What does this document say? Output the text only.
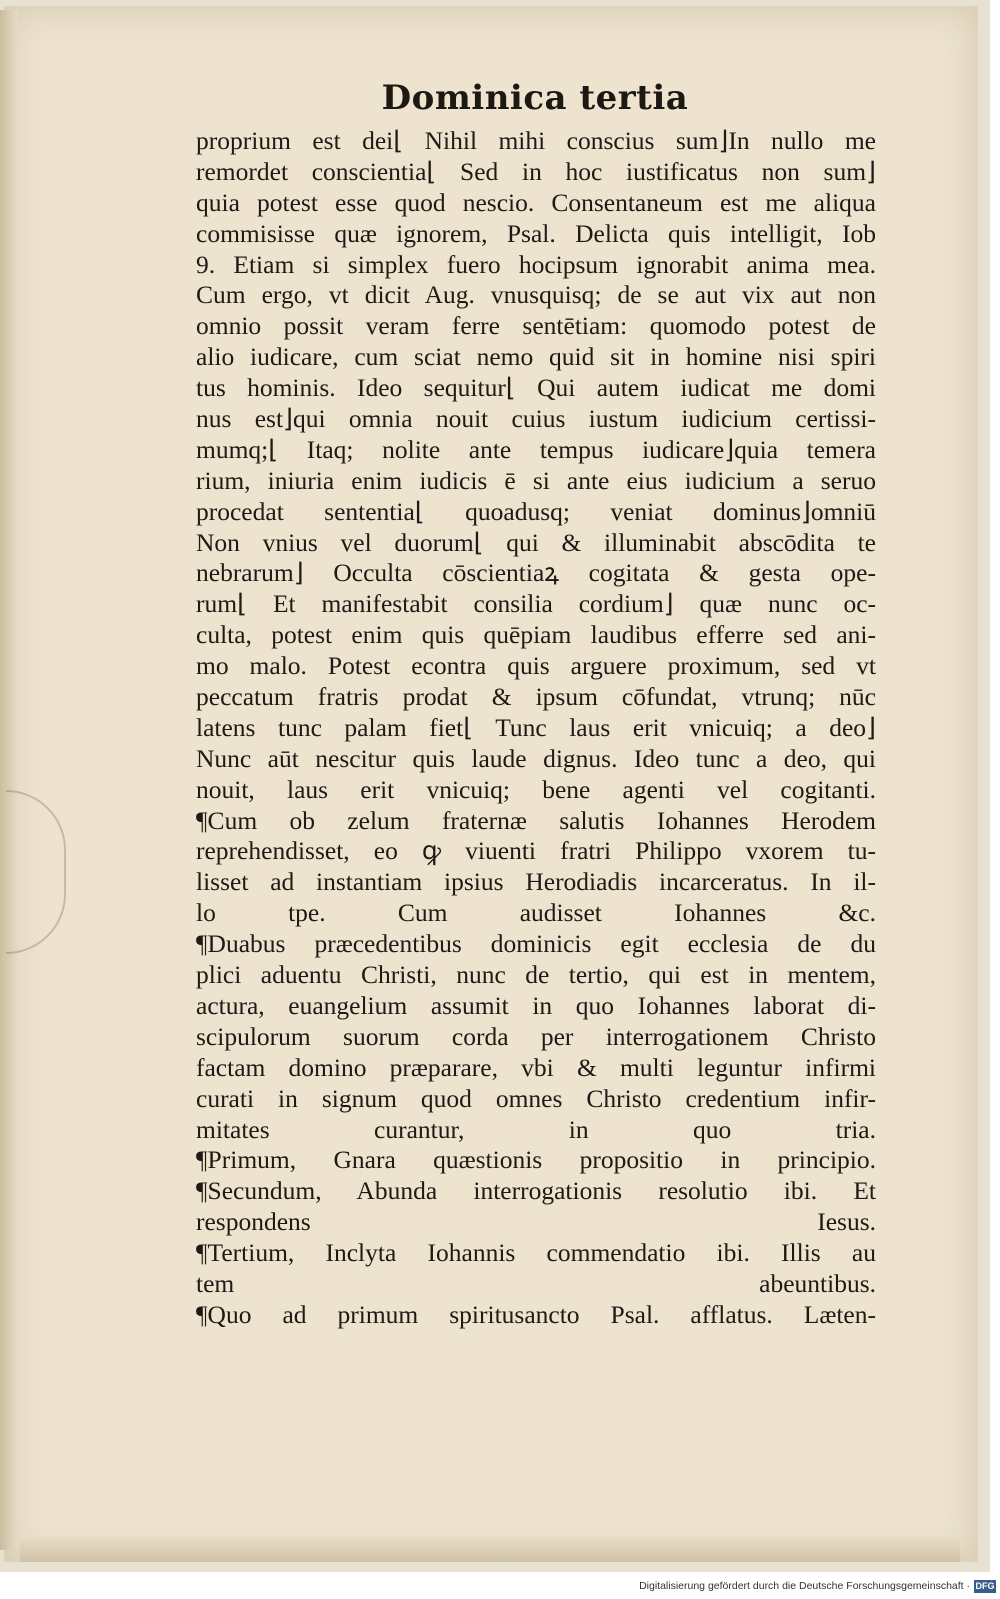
Dominica tertia
proprium est dei⌊ Nihil mihi conscius sum⌋In nullo me
remordet conscientia⌊ Sed in hoc iustificatus non sum⌋
quia potest esse quod nescio. Consentaneum est me aliqua
commisisse quæ ignorem, Psal. Delicta quis intelligit, Iob
9. Etiam si simplex fuero hocipsum ignorabit anima mea.
Cum ergo, vt dicit Aug. vnusquisq; de se aut vix aut non
omnio possit veram ferre sentētiam: quomodo potest de
alio iudicare, cum sciat nemo quid sit in homine nisi spiri
tus hominis. Ideo sequitur⌊ Qui autem iudicat me domi
nus est⌋qui omnia nouit cuius iustum iudicium certissi-
mumq;⌊ Itaq; nolite ante tempus iudicare⌋quia temera
rium, iniuria enim iudicis ē si ante eius iudicium a seruo
procedat sententia⌊ quoadusq; veniat dominus⌋omniū
Non vnius vel duorum⌊ qui & illuminabit abscōdita te
nebrarum⌋ Occulta cōscientiaꝝ cogitata & gesta ope-
rum⌊ Et manifestabit consilia cordium⌋ quæ nunc oc-
culta, potest enim quis quēpiam laudibus efferre sed ani-
mo malo. Potest econtra quis arguere proximum, sed vt
peccatum fratris prodat & ipsum cōfundat, vtrunq; nūc
latens tunc palam fiet⌊ Tunc laus erit vnicuiq; a deo⌋
Nunc aūt nescitur quis laude dignus. Ideo tunc a deo, qui
nouit, laus erit vnicuiq; bene agenti vel cogitanti.
¶Cum ob zelum fraternæ salutis Iohannes Herodem
reprehendisset, eo ꝙ viuenti fratri Philippo vxorem tu-
lisset ad instantiam ipsius Herodiadis incarceratus. In il-
lo tpe. Cum audisset Iohannes &c.
¶Duabus præcedentibus dominicis egit ecclesia de du
plici aduentu Christi, nunc de tertio, qui est in mentem,
actura, euangelium assumit in quo Iohannes laborat di-
scipulorum suorum corda per interrogationem Christo
factam domino præparare, vbi & multi leguntur infirmi
curati in signum quod omnes Christo credentium infir-
mitates curantur, in quo tria.
¶Primum, Gnara quæstionis propositio in principio.
¶Secundum, Abunda interrogationis resolutio ibi. Et
respondens Iesus.
¶Tertium, Inclyta Iohannis commendatio ibi. Illis au
tem abeuntibus.
¶Quo ad primum spiritusancto Psal. afflatus. Læten-
Digitalisierung gefördert durch die Deutsche Forschungsgemeinschaft · DFG
